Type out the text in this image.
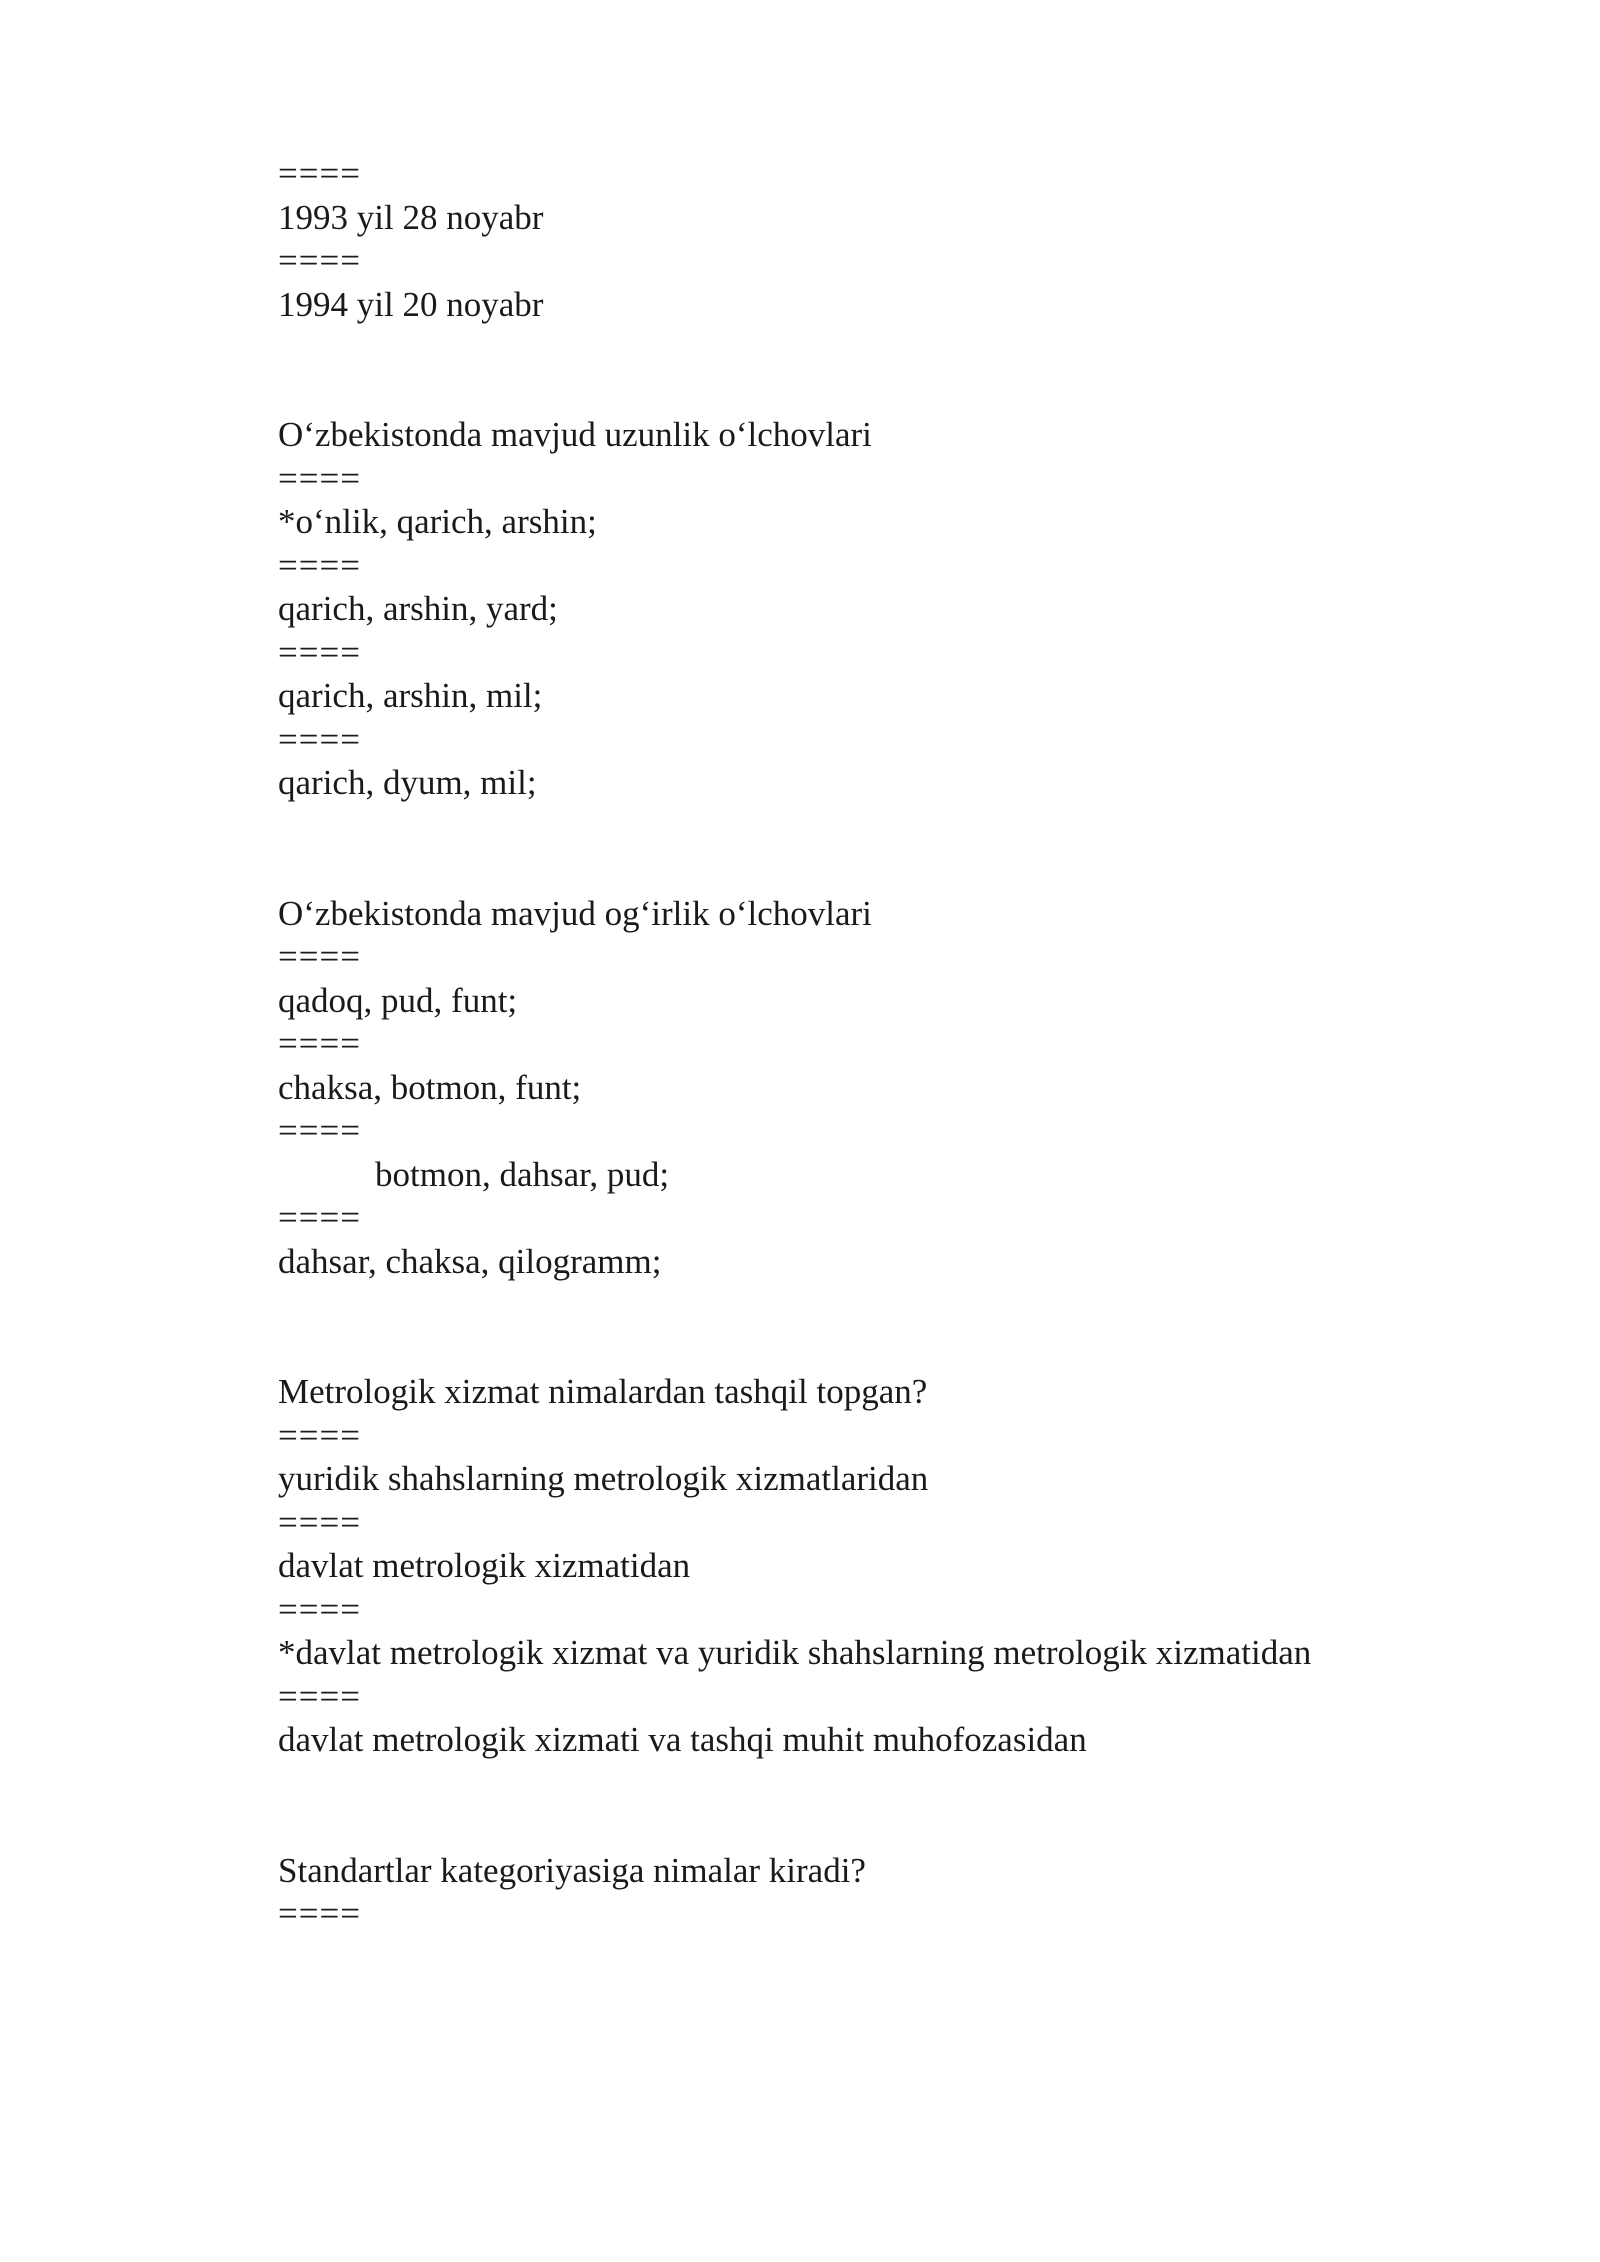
====
1993 yil 28 noyabr
====
1994 yil 20 noyabr
O‘zbekistonda mavjud uzunlik o‘lchovlari
====
*o‘nlik, qarich, arshin;
====
qarich, arshin, yard;
====
qarich, arshin, mil;
====
qarich, dyum, mil;
O‘zbekistonda mavjud og‘irlik o‘lchovlari
====
qadoq, pud, funt;
====
chaksa, botmon, funt;
====
botmon, dahsar, pud;
====
dahsar, chaksa, qilogramm;
Metrologik xizmat nimalardan tashqil topgan?
====
yuridik shahslarning metrologik xizmatlaridan
====
davlat metrologik xizmatidan
====
*davlat metrologik xizmat va yuridik shahslarning metrologik xizmatidan
====
davlat metrologik xizmati va tashqi muhit muhofozasidan
Standartlar kategoriyasiga nimalar kiradi?
====
